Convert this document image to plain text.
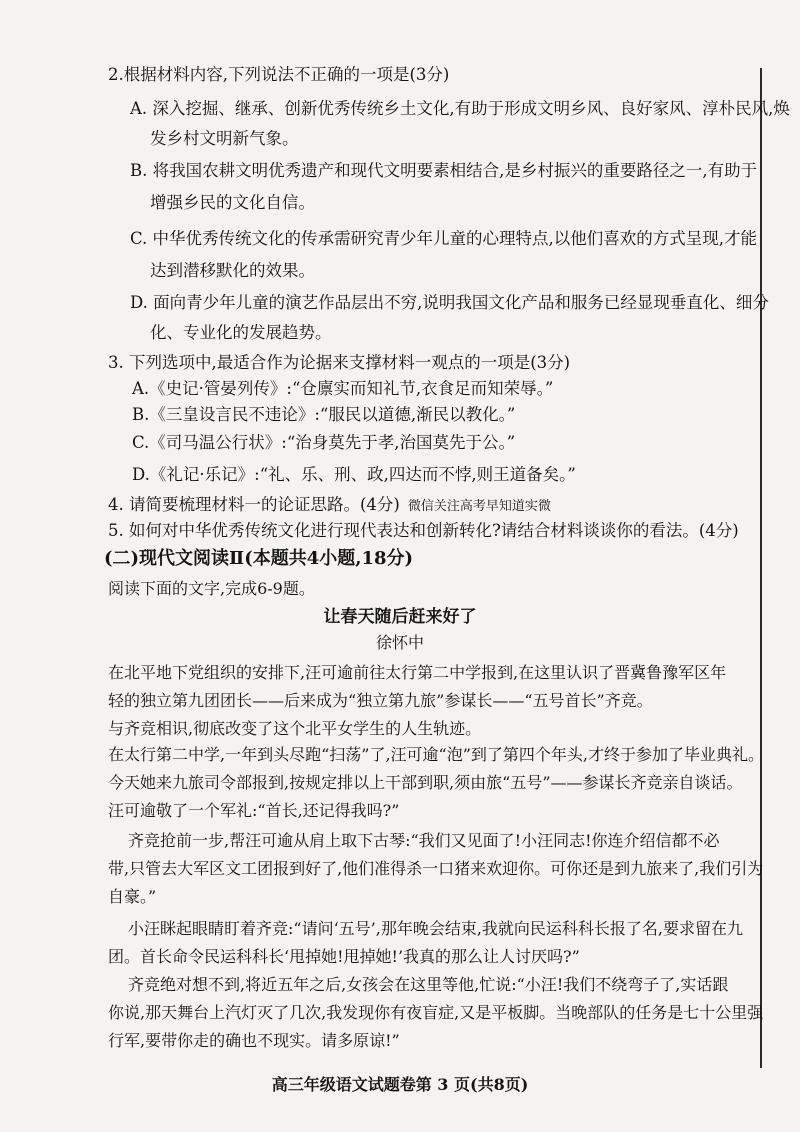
2.根据材料内容,下列说法不正确的一项是(3分)
A. 深入挖掘、继承、创新优秀传统乡土文化,有助于形成文明乡风、良好家风、淳朴民风,焕
发乡村文明新气象。
B. 将我国农耕文明优秀遗产和现代文明要素相结合,是乡村振兴的重要路径之一,有助于
增强乡民的文化自信。
C. 中华优秀传统文化的传承需研究青少年儿童的心理特点,以他们喜欢的方式呈现,才能
达到潜移默化的效果。
D. 面向青少年儿童的演艺作品层出不穷,说明我国文化产品和服务已经显现垂直化、细分
化、专业化的发展趋势。
3. 下列选项中,最适合作为论据来支撑材料一观点的一项是(3分)
A.《史记·管晏列传》:“仓廪实而知礼节,衣食足而知荣辱。”
B.《三皇设言民不违论》:“服民以道德,渐民以教化。”
C.《司马温公行状》:“治身莫先于孝,治国莫先于公。”
D.《礼记·乐记》:“礼、乐、刑、政,四达而不悖,则王道备矣。”
4. 请简要梳理材料一的论证思路。(4分) 微信关注高考早知道实微
5. 如何对中华优秀传统文化进行现代表达和创新转化?请结合材料谈谈你的看法。(4分)
(二)现代文阅读Ⅱ(本题共4小题,18分)
阅读下面的文字,完成6-9题。
让春天随后赶来好了
徐怀中
在北平地下党组织的安排下,汪可逾前往太行第二中学报到,在这里认识了晋冀鲁豫军区年
轻的独立第九团团长——后来成为“独立第九旅”参谋长——“五号首长”齐竞。
与齐竞相识,彻底改变了这个北平女学生的人生轨迹。
在太行第二中学,一年到头尽跑“扫荡”了,汪可逾“泡”到了第四个年头,才终于参加了毕业典礼。
今天她来九旅司令部报到,按规定排以上干部到职,须由旅“五号”——参谋长齐竞亲自谈话。
汪可逾敬了一个军礼:“首长,还记得我吗?”
齐竞抢前一步,帮汪可逾从肩上取下古琴:“我们又见面了!小汪同志!你连介绍信都不必
带,只管去大军区文工团报到好了,他们准得杀一口猪来欢迎你。可你还是到九旅来了,我们引为
自豪。”
小汪眯起眼睛盯着齐竞:“请问‘五号’,那年晚会结束,我就向民运科科长报了名,要求留在九
团。首长命令民运科科长‘甩掉她!甩掉她!’我真的那么让人讨厌吗?”
齐竞绝对想不到,将近五年之后,女孩会在这里等他,忙说:“小汪!我们不绕弯子了,实话跟
你说,那天舞台上汽灯灭了几次,我发现你有夜盲症,又是平板脚。当晚部队的任务是七十公里强
行军,要带你走的确也不现实。请多原谅!”
高三年级语文试题卷第 3 页(共8页)
